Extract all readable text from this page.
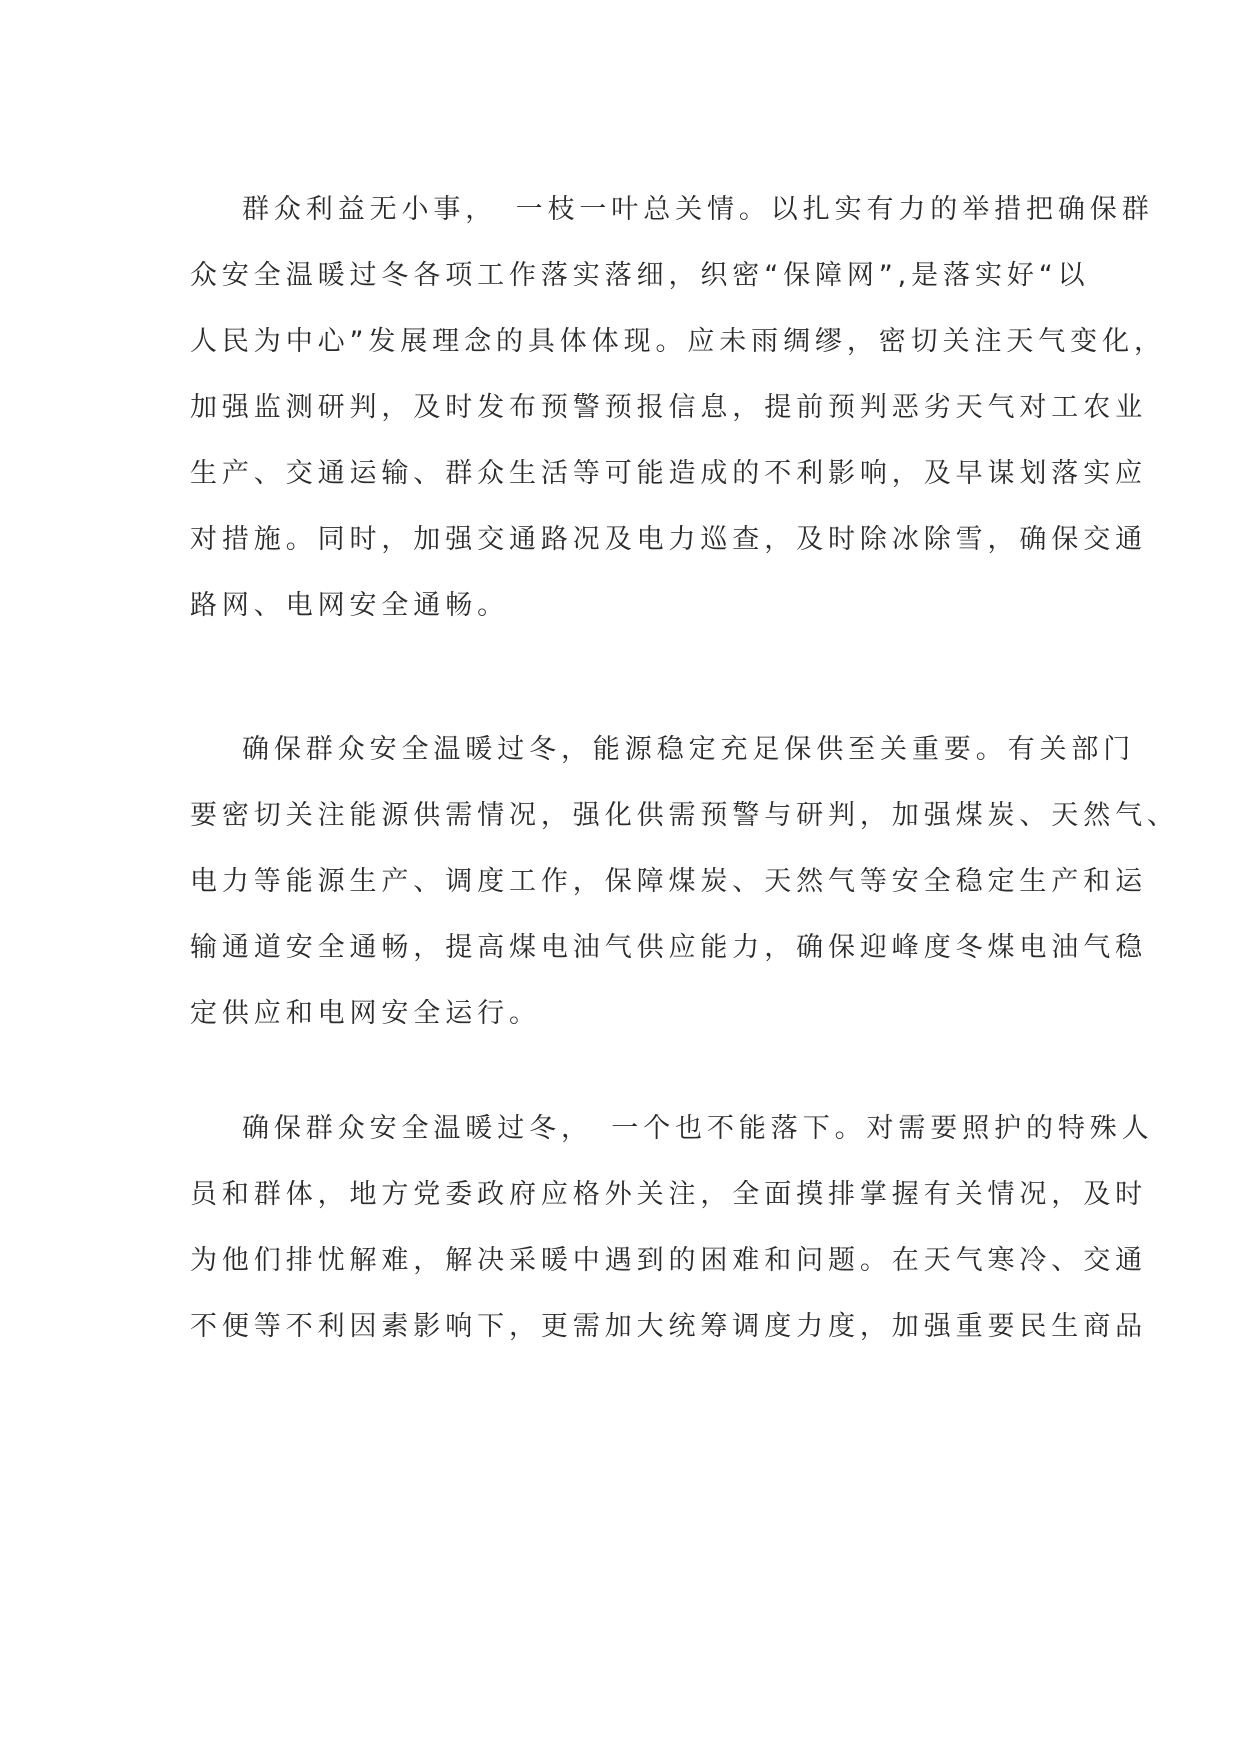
群众利益无小事，　一枝一叶总关情。以扎实有力的举措把确保群
众安全温暖过冬各项工作落实落细，织密“保障网”,是落实好“以
人民为中心”发展理念的具体体现。应未雨绸缪，密切关注天气变化，
加强监测研判，及时发布预警预报信息，提前预判恶劣天气对工农业
生产、交通运输、群众生活等可能造成的不利影响，及早谋划落实应
对措施。同时，加强交通路况及电力巡查，及时除冰除雪，确保交通
路网、电网安全通畅。
确保群众安全温暖过冬，能源稳定充足保供至关重要。有关部门
要密切关注能源供需情况，强化供需预警与研判，加强煤炭、天然气、
电力等能源生产、调度工作，保障煤炭、天然气等安全稳定生产和运
输通道安全通畅，提高煤电油气供应能力，确保迎峰度冬煤电油气稳
定供应和电网安全运行。
确保群众安全温暖过冬，　一个也不能落下。对需要照护的特殊人
员和群体，地方党委政府应格外关注，全面摸排掌握有关情况，及时
为他们排忧解难，解决采暖中遇到的困难和问题。在天气寒冷、交通
不便等不利因素影响下，更需加大统筹调度力度，加强重要民生商品
